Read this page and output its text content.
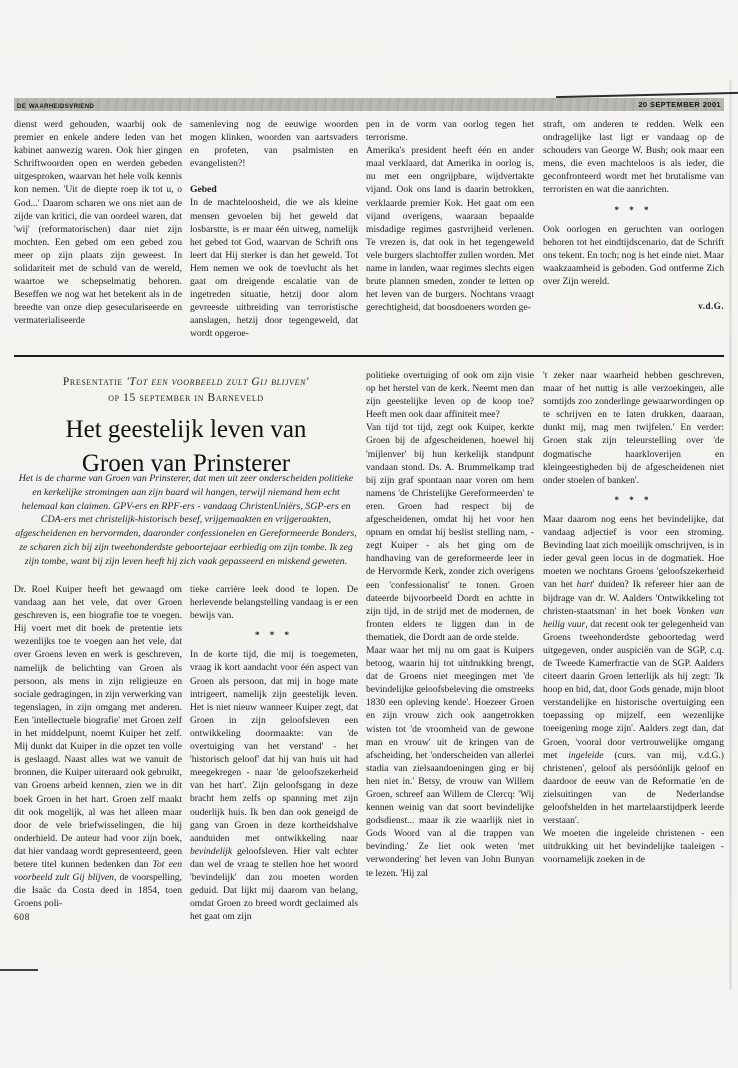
de waarheidsvriend	20 SEPTEMBER 2001

dienst werd gehouden, waarbij ook de premier en enkele andere leden van het kabinet aanwezig waren. Ook hier gingen Schriftwoorden open en werden gebeden uitgesproken, waarvan het hele volk kennis kon nemen. 'Uit de diepte roep ik tot u, o God...' Daarom scharen we ons niet aan de zijde van kritici, die van oordeel waren, dat 'wij' (reformatorischen) daar niet zijn mochten. Een gebed om een gebed zou meer op zijn plaats zijn geweest. In solidariteit met de schuld van de wereld, waartoe we schepselmatig behoren. Beseffen we nog wat het betekent als in de breedte van onze diep geseculariseerde en vermaterialiseerde

samenleving nog de eeuwige woorden mogen klinken, woorden van aartsvaders en profeten, van psalmisten en evangelisten?!

Gebed

In de machteloosheid, die we als kleine mensen gevoelen bij het geweld dat losbarstte, is er maar één uitweg, namelijk het gebed tot God, waarvan de Schrift ons leert dat Hij sterker is dan het geweld. Tot Hem nemen we ook de toevlucht als het gaat om dreigende escalatie van de ingetreden situatie, hetzij door alom gevreesde uitbreiding van terroristische aanslagen, hetzij door tegengeweld, dat wordt opgeroe-

pen in de vorm van oorlog tegen het terrorisme.

Amerika's president heeft één en ander maal verklaard, dat Amerika in oorlog is, nu met een ongrijpbare, wijdvertakte vijand. Ook ons land is daarin betrokken, verklaarde premier Kok. Het gaat om een vijand overigens, waaraan bepaalde misdadige regimes gastvrijheid verlenen. Te vrezen is, dat ook in het tegengeweld vele burgers slachtoffer zullen worden. Met name in landen, waar regimes slechts eigen brute plannen smeden, zonder te letten op het leven van de burgers. Nochtans vraagt gerechtigheid, dat boosdoeners worden ge-

straft, om anderen te redden. Welk een ondragelijke last ligt er vandaag op de schouders van George W. Bush; ook maar een mens, die even machteloos is als ieder, die geconfronteerd wordt met het brutalisme van terroristen en wat die aanrichten.

* * *

Ook oorlogen en geruchten van oorlogen behoren tot het eindtijdscenario, dat de Schrift ons tekent. En toch; nog is het einde niet. Maar waakzaamheid is geboden. God ontferme Zich over Zijn wereld.

v.d.G.

Presentatie 'Tot een voorbeeld zult Gij blijven'
op 15 september in Barneveld
Het geestelijk leven van
Groen van Prinsterer
Het is de charme van Groen van Prinsterer, dat men uit zeer onderscheiden politieke en kerkelijke stromingen aan zijn baard wil hangen, terwijl niemand hem echt helemaal kan claimen. GPV-ers en RPF-ers - vandaag ChristenUniërs, SGP-ers en CDA-ers met christelijk-historisch besef, vrijgemaakten en vrijgeraakten, afgescheidenen en hervormden, daaronder confessionelen en Gereformeerde Bonders, ze scharen zich bij zijn tweehonderdste geboortejaar eerbiedig om zijn tombe. Ik zeg zijn tombe, want bij zijn leven heeft hij zich vaak gepasseerd en miskend geweten.

Dr. Roel Kuiper heeft het gewaagd om vandaag aan het vele, dat over Groen geschreven is, een biografie toe te voegen. Hij voert met dit boek de pretentie iets wezenlijks toe te voegen aan het vele, dat over Groens leven en werk is geschreven, namelijk de belichting van Groen als persoon, als mens in zijn religieuze en sociale gedragingen, in zijn verwerking van tegenslagen, in zijn omgang met anderen. Een 'intellectuele biografie' met Groen zelf in het middelpunt, noemt Kuiper het zelf. Mij dunkt dat Kuiper in die opzet ten volle is geslaagd. Naast alles wat we vanuit de bronnen, die Kuiper uiteraard ook gebruikt, van Groens arbeid kennen, zien we in dit boek Groen in het hart. Groen zelf maakt dit ook mogelijk, al was het alleen maar door de vele briefwisselingen, die hij onderhield. De auteur had voor zijn boek, dat hier vandaag wordt gepresenteerd, geen betere titel kunnen bedenken dan Tot een voorbeeld zult Gij blijven, de voorspelling, die Isaäc da Costa deed in 1854, toen Groens poli-

608

tieke carrière leek dood te lopen. De herlevende belangstelling vandaag is er een bewijs van.

* * *

In de korte tijd, die mij is toegemeten, vraag ik kort aandacht voor één aspect van Groen als persoon, dat mij in hoge mate intrigeert, namelijk zijn geestelijk leven. Het is niet nieuw wanneer Kuiper zegt, dat Groen in zijn geloofsleven een ontwikkeling doormaakte: van 'de overtuiging van het verstand' - het 'historisch geloof' dat hij van huis uit had meegekregen - naar 'de geloofszekerheid van het hart'. Zijn geloofsgang in deze bracht hem zelfs op spanning met zijn ouderlijk huis. Ik ben dan ook geneigd de gang van Groen in deze kortheidshalve aanduiden met ontwikkeling naar bevindelijk geloofsleven. Hier valt echter dan wel de vraag te stellen hoe het woord 'bevindelijk' dan zou moeten worden geduid. Dat lijkt mij daarom van belang, omdat Groen zo breed wordt geclaimed als het gaat om zijn

politieke overtuiging of ook om zijn visie op het herstel van de kerk. Neemt men dan zijn geestelijke leven op de koop toe? Heeft men ook daar affiniteit mee?

Van tijd tot tijd, zegt ook Kuiper, kerkte Groen bij de afgescheidenen, hoewel hij 'mijlenver' bij hun kerkelijk standpunt vandaan stond. Ds. A. Brummelkamp trad bij zijn graf spontaan naar voren om hem namens 'de Christelijke Gereformeerden' te eren. Groen had respect bij de afgescheidenen, omdat hij het voor hen opnam en omdat hij beslist stelling nam, - zegt Kuiper - als het ging om de handhaving van de gereformeerde leer in de Hervormde Kerk, zonder zich overigens een 'confessionalist' te tonen. Groen dateerde bijvoorbeeld Dordt en achtte in zijn tijd, in de strijd met de modernen, de fronten elders te liggen dan in de thematiek, die Dordt aan de orde stelde.

Maar waar het mij nu om gaat is Kuipers betoog, waarin hij tot uitdrukking brengt, dat de Groens niet meegingen met 'de bevindelijke geloofsbeleving die omstreeks 1830 een opleving kende'. Hoezeer Groen en zijn vrouw zich ook aangetrokken wisten tot 'de vroomheid van de gewone man en vrouw' uit de kringen van de afscheiding, het 'onderscheiden van allerlei stadia van zielsaandoeningen ging er bij hen niet in.' Betsy, de vrouw van Willem Groen, schreef aan Willem de Clercq: 'Wij kennen weinig van dat soort bevindelijke godsdienst... maar ik zie waarlijk niet in Gods Woord van al die trappen van bevinding.' Ze liet ook weten 'met verwondering' het leven van John Bunyan te lezen. 'Hij zal

't zeker naar waarheid hebben geschreven, maar of het nuttig is alle verzoekingen, alle somtijds zoo zonderlinge gewaarwordingen op te schrijven en te laten drukken, daaraan, dunkt mij, mag men twijfelen.' En verder: Groen stak zijn teleurstelling over 'de dogmatische haarkloverijen en kleingeestigheden bij de afgescheidenen niet onder stoelen of banken'.

* * *

Maar daarom nog eens het bevindelijke, dat vandaag adjectief is voor een stroming. Bevinding laat zich moeilijk omschrijven, is in ieder geval geen locus in de dogmatiek. Hoe moeten we nochtans Groens 'geloofszekerheid van het hart' duiden? Ik refereer hier aan de bijdrage van dr. W. Aalders 'Ontwikkeling tot christen-staatsman' in het boek Vonken van heilig vuur, dat recent ook ter gelegenheid van Groens tweehonderdste geboortedag werd uitgegeven, onder auspiciën van de SGP, c.q. de Tweede Kamerfractie van de SGP. Aalders citeert daarin Groen letterlijk als hij zegt: 'Ik hoop en bid, dat, door Gods genade, mijn bloot verstandelijke en historische overtuiging een toepassing op mijzelf, een wezenlijke toeeigening moge zijn'. Aalders zegt dan, dat Groen, 'vooral door vertrouwelijke omgang met ingeleide (curs. van mij, v.d.G.) christenen', geloof als persóónlijk geloof en daardoor de eeuw van de Reformatie 'en de zielsuitingen van de Nederlandse geloofshelden in het martelaarstijdperk leerde verstaan'.

We moeten die ingeleide christenen - een uitdrukking uit het bevindelijke taaleigen - voornamelijk zoeken in de
